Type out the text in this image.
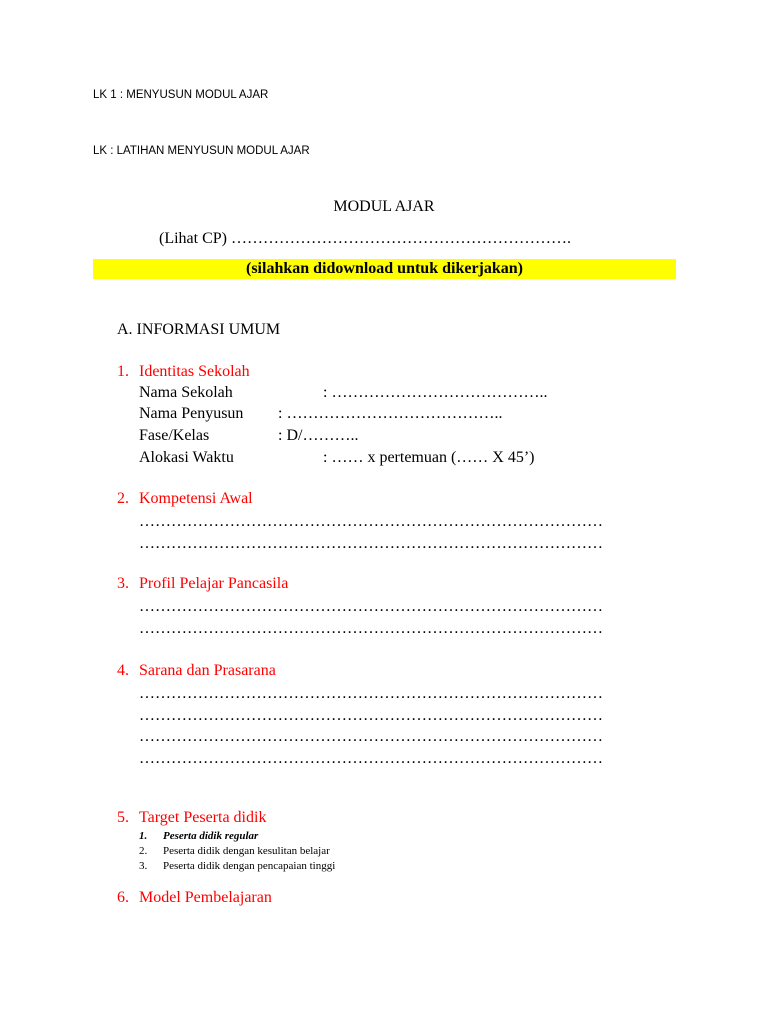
LK 1 : MENYUSUN MODUL AJAR
LK : LATIHAN MENYUSUN MODUL AJAR
MODUL AJAR
(Lihat CP) ……………………………………………………….
(silahkan didownload untuk dikerjakan)
A. INFORMASI UMUM
1. Identitas Sekolah
Nama Sekolah	: …………………………………..
Nama Penyusun : …………………………………..
Fase/Kelas	: D/………..
Alokasi Waktu	: …… x pertemuan (…… X 45’)
2. Kompetensi Awal
……………………………………………………………………………
……………………………………………………………………………
3. Profil Pelajar Pancasila
……………………………………………………………………………
……………………………………………………………………………
4. Sarana dan Prasarana
……………………………………………………………………………
……………………………………………………………………………
……………………………………………………………………………
……………………………………………………………………………
5. Target Peserta didik
1. Peserta didik regular
2. Peserta didik dengan kesulitan belajar
3. Peserta didik dengan pencapaian tinggi
6. Model Pembelajaran
